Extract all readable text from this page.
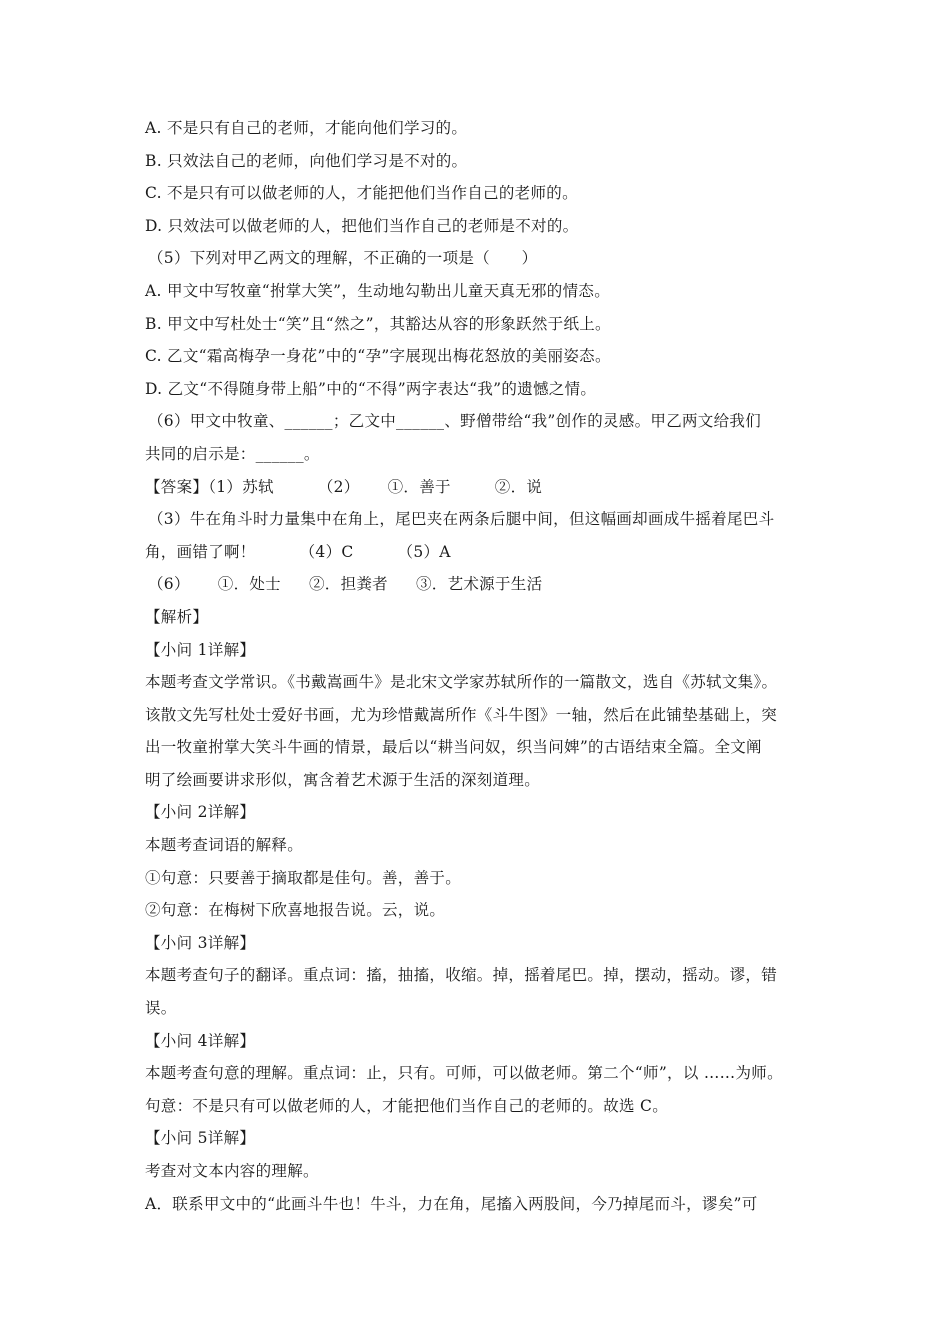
A. 不是只有自己的老师，才能向他们学习的。
B. 只效法自己的老师，向他们学习是不对的。
C. 不是只有可以做老师的人，才能把他们当作自己的老师的。
D. 只效法可以做老师的人，把他们当作自己的老师是不对的。
（5）下列对甲乙两文的理解，不正确的一项是（　　）
A. 甲文中写牧童“拊掌大笑”，生动地勾勒出儿童天真无邪的情态。
B. 甲文中写杜处士“笑”且“然之”，其豁达从容的形象跃然于纸上。
C. 乙文“霜高梅孕一身花”中的“孕”字展现出梅花怒放的美丽姿态。
D. 乙文“不得随身带上船”中的“不得”两字表达“我”的遗憾之情。
（6）甲文中牧童、______；乙文中______、野僧带给“我”创作的灵感。甲乙两文给我们
共同的启示是：______。
【答案】（1）苏轼	（2） ①．善于	②．说
（3）牛在角斗时力量集中在角上，尾巴夹在两条后腿中间，但这幅画却画成牛摇着尾巴斗
角，画错了啊！	（4）C	（5）A
（6） ①．处士 ②．担粪者 ③．艺术源于生活
【解析】
【小问 1详解】
本题考查文学常识。《书戴嵩画牛》是北宋文学家苏轼所作的一篇散文，选自《苏轼文集》。
该散文先写杜处士爱好书画，尤为珍惜戴嵩所作《斗牛图》一轴，然后在此铺垫基础上，突
出一牧童拊掌大笑斗牛画的情景，最后以“耕当问奴，织当问婢”的古语结束全篇。全文阐
明了绘画要讲求形似，寓含着艺术源于生活的深刻道理。
【小问 2详解】
本题考查词语的解释。
①句意：只要善于摘取都是佳句。善，善于。
②句意：在梅树下欣喜地报告说。云，说。
【小问 3详解】
本题考查句子的翻译。重点词：搐，抽搐，收缩。掉，摇着尾巴。掉，摆动，摇动。谬，错
误。
【小问 4详解】
本题考查句意的理解。重点词：止，只有。可师，可以做老师。第二个“师”，以 ……为师。
句意：不是只有可以做老师的人，才能把他们当作自己的老师的。故选 C。
【小问 5详解】
考查对文本内容的理解。
A．联系甲文中的“此画斗牛也！牛斗，力在角，尾搐入两股间，今乃掉尾而斗，谬矣”可
